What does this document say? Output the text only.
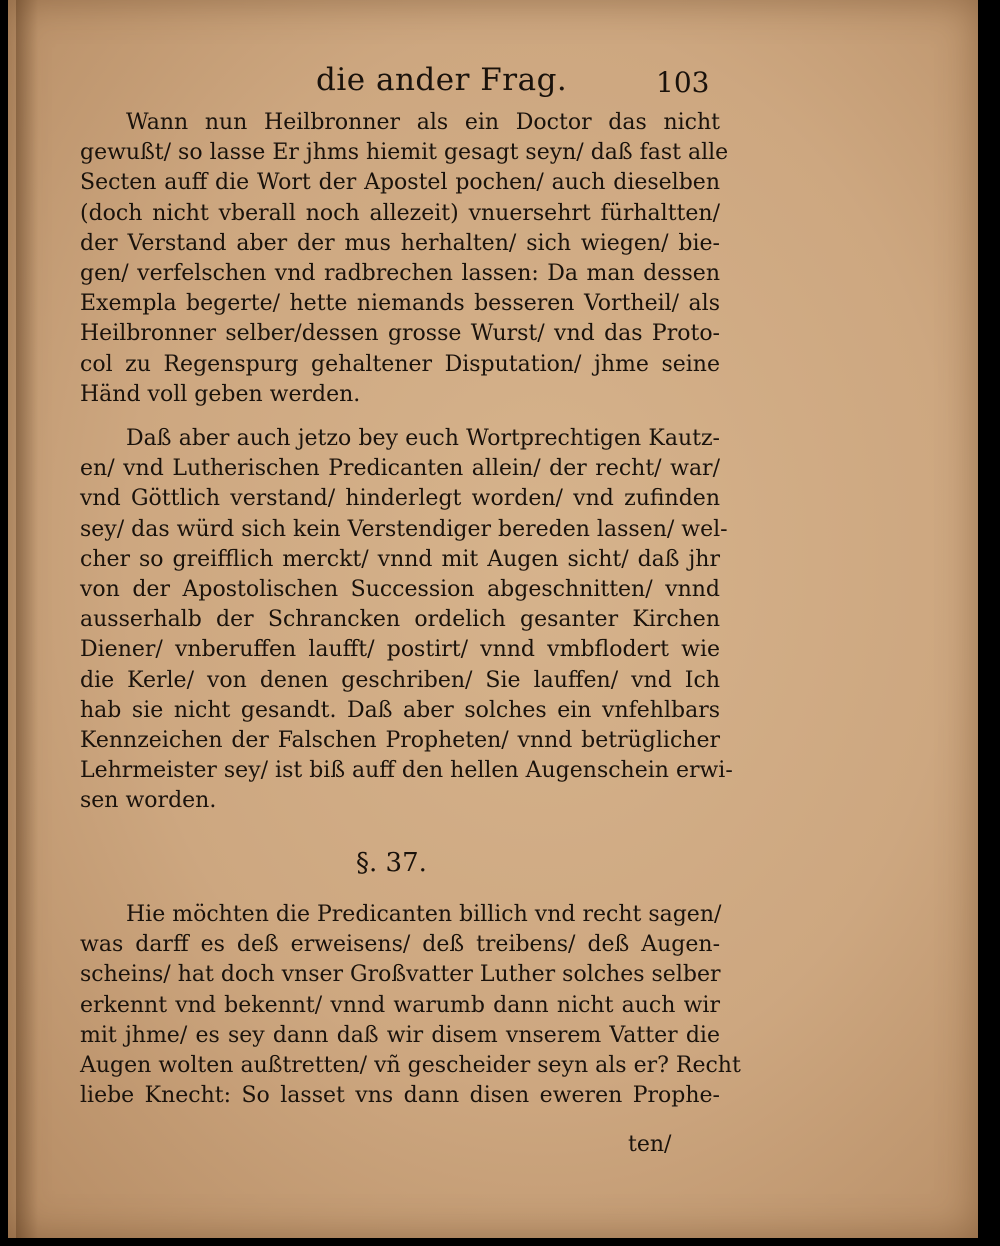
die ander Frag.	103
Wann nun Heilbronner als ein Doctor das nicht
gewußt/ so lasse Er jhms hiemit gesagt seyn/ daß fast alle
Secten auff die Wort der Apostel pochen/ auch dieselben
(doch nicht vberall noch allezeit) vnuersehrt fürhaltten/
der Verstand aber der mus herhalten/ sich wiegen/ bie-
gen/ verfelschen vnd radbrechen lassen: Da man dessen
Exempla begerte/ hette niemands besseren Vortheil/ als
Heilbronner selber/dessen grosse Wurst/ vnd das Proto-
col zu Regenspurg gehaltener Disputation/ jhme seine
Händ voll geben werden.
Daß aber auch jetzo bey euch Wortprechtigen Kautz-
en/ vnd Lutherischen Predicanten allein/ der recht/ war/
vnd Göttlich verstand/ hinderlegt worden/ vnd zufinden
sey/ das würd sich kein Verstendiger bereden lassen/ wel-
cher so greifflich merckt/ vnnd mit Augen sicht/ daß jhr
von der Apostolischen Succession abgeschnitten/ vnnd
ausserhalb der Schrancken ordelich gesanter Kirchen
Diener/ vnberuffen laufft/ postirt/ vnnd vmbflodert wie
die Kerle/ von denen geschriben/ Sie lauffen/ vnd Ich
hab sie nicht gesandt. Daß aber solches ein vnfehlbars
Kennzeichen der Falschen Propheten/ vnnd betrüglicher
Lehrmeister sey/ ist biß auff den hellen Augenschein erwi-
sen worden.
§. 37.
Hie möchten die Predicanten billich vnd recht sagen/
was darff es deß erweisens/ deß treibens/ deß Augen-
scheins/ hat doch vnser Großvatter Luther solches selber
erkennt vnd bekennt/ vnnd warumb dann nicht auch wir
mit jhme/ es sey dann daß wir disem vnserem Vatter die
Augen wolten außtretten/ vñ gescheider seyn als er? Recht
liebe Knecht: So lasset vns dann disen eweren Prophe-
ten/
